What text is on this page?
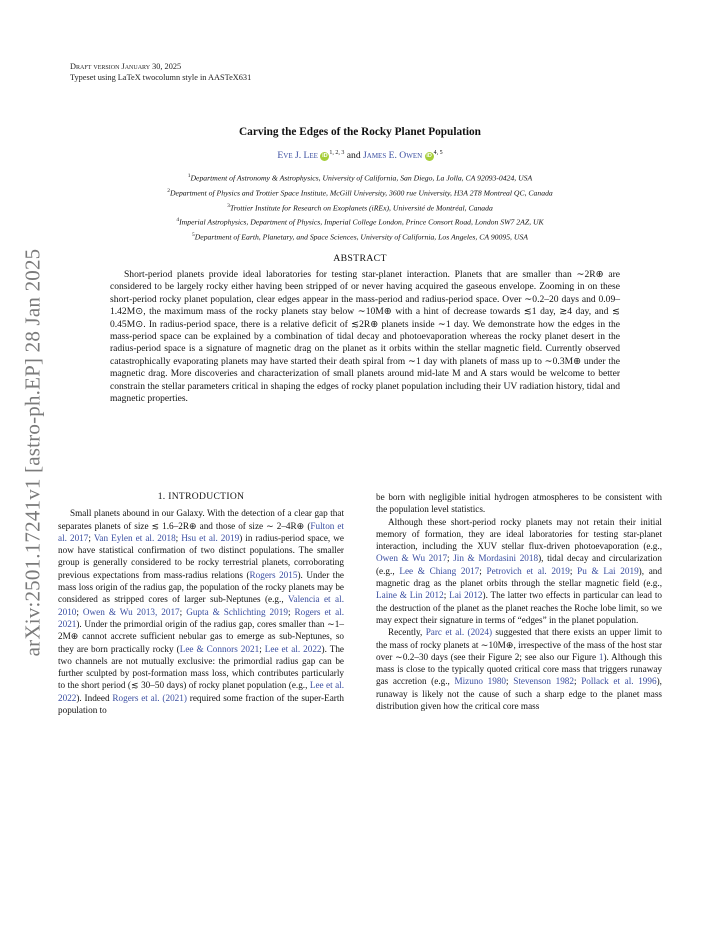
arXiv:2501.17241v1 [astro-ph.EP] 28 Jan 2025
Draft version January 30, 2025
Typeset using LaTeX twocolumn style in AASTeX631
Carving the Edges of the Rocky Planet Population
Eve J. Lee iD$^{1, 2, 3}$ and James E. Owen iD$^{4, 5}$
$^1$Department of Astronomy & Astrophysics, University of California, San Diego, La Jolla, CA 92093-0424, USA
$^2$Department of Physics and Trottier Space Institute, McGill University, 3600 rue University, H3A 2T8 Montreal QC, Canada
$^3$Trottier Institute for Research on Exoplanets (iREx), Université de Montréal, Canada
$^4$Imperial Astrophysics, Department of Physics, Imperial College London, Prince Consort Road, London SW7 2AZ, UK
$^5$Department of Earth, Planetary, and Space Sciences, University of California, Los Angeles, CA 90095, USA
ABSTRACT

Short-period planets provide ideal laboratories for testing star-planet interaction. Planets that are smaller than ∼2R⊕ are considered to be largely rocky either having been stripped of or never having acquired the gaseous envelope. Zooming in on these short-period rocky planet population, clear edges appear in the mass-period and radius-period space. Over ∼0.2–20 days and 0.09–1.42M⊙, the maximum mass of the rocky planets stay below ∼10M⊕ with a hint of decrease towards ≲1 day, ≳4 day, and ≲ 0.45M⊙. In radius-period space, there is a relative deficit of ≲2R⊕ planets inside ∼1 day. We demonstrate how the edges in the mass-period space can be explained by a combination of tidal decay and photoevaporation whereas the rocky planet desert in the radius-period space is a signature of magnetic drag on the planet as it orbits within the stellar magnetic field. Currently observed catastrophically evaporating planets may have started their death spiral from ∼1 day with planets of mass up to ∼0.3M⊕ under the magnetic drag. More discoveries and characterization of small planets around mid-late M and A stars would be welcome to better constrain the stellar parameters critical in shaping the edges of rocky planet population including their UV radiation history, tidal and magnetic properties.

1. INTRODUCTION

Small planets abound in our Galaxy. With the detection of a clear gap that separates planets of size ≲ 1.6–2R⊕ and those of size ∼ 2–4R⊕ (Fulton et al. 2017; Van Eylen et al. 2018; Hsu et al. 2019) in radius-period space, we now have statistical confirmation of two distinct populations. The smaller group is generally considered to be rocky terrestrial planets, corroborating previous expectations from mass-radius relations (Rogers 2015). Under the mass loss origin of the radius gap, the population of the rocky planets may be considered as stripped cores of larger sub-Neptunes (e.g., Valencia et al. 2010; Owen & Wu 2013, 2017; Gupta & Schlichting 2019; Rogers et al. 2021). Under the primordial origin of the radius gap, cores smaller than ∼1–2M⊕ cannot accrete sufficient nebular gas to emerge as sub-Neptunes, so they are born practically rocky (Lee & Connors 2021; Lee et al. 2022). The two channels are not mutually exclusive: the primordial radius gap can be further sculpted by post-formation mass loss, which contributes particularly to the short period (≲ 30–50 days) of rocky planet population (e.g., Lee et al. 2022). Indeed Rogers et al. (2021) required some fraction of the super-Earth population to

be born with negligible initial hydrogen atmospheres to be consistent with the population level statistics.

Although these short-period rocky planets may not retain their initial memory of formation, they are ideal laboratories for testing star-planet interaction, including the XUV stellar flux-driven photoevaporation (e.g., Owen & Wu 2017; Jin & Mordasini 2018), tidal decay and circularization (e.g., Lee & Chiang 2017; Petrovich et al. 2019; Pu & Lai 2019), and magnetic drag as the planet orbits through the stellar magnetic field (e.g., Laine & Lin 2012; Lai 2012). The latter two effects in particular can lead to the destruction of the planet as the planet reaches the Roche lobe limit, so we may expect their signature in terms of “edges” in the planet population.

Recently, Parc et al. (2024) suggested that there exists an upper limit to the mass of rocky planets at ∼10M⊕, irrespective of the mass of the host star over ∼0.2–30 days (see their Figure 2; see also our Figure 1). Although this mass is close to the typically quoted critical core mass that triggers runaway gas accretion (e.g., Mizuno 1980; Stevenson 1982; Pollack et al. 1996), runaway is likely not the cause of such a sharp edge to the planet mass distribution given how the critical core mass
